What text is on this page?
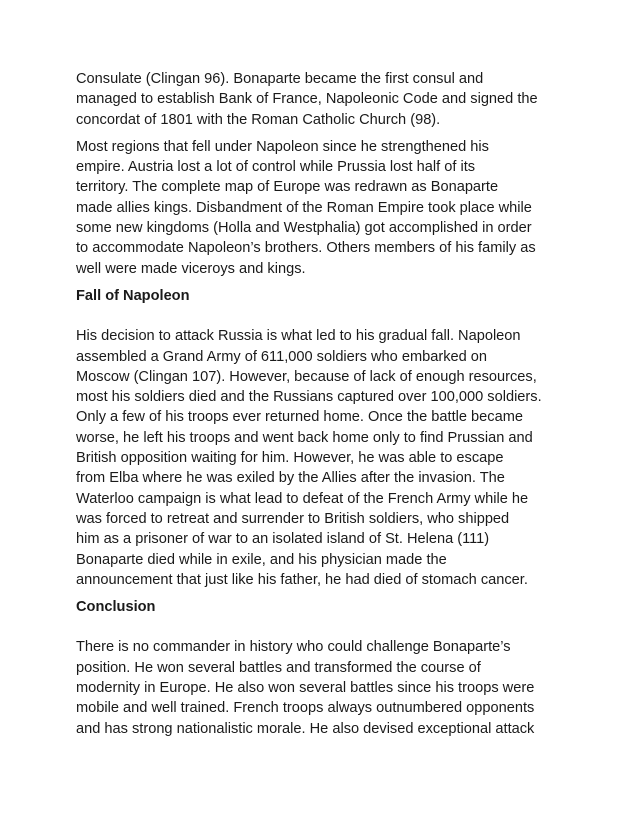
Consulate (Clingan 96). Bonaparte became the first consul and
managed to establish Bank of France, Napoleonic Code and signed the
concordat of 1801 with the Roman Catholic Church (98).

Most regions that fell under Napoleon since he strengthened his
empire. Austria lost a lot of control while Prussia lost half of its
territory. The complete map of Europe was redrawn as Bonaparte
made allies kings. Disbandment of the Roman Empire took place while
some new kingdoms (Holla and Westphalia) got accomplished in order
to accommodate Napoleon’s brothers. Others members of his family as
well were made viceroys and kings.

Fall of Napoleon

His decision to attack Russia is what led to his gradual fall. Napoleon
assembled a Grand Army of 611,000 soldiers who embarked on
Moscow (Clingan 107). However, because of lack of enough resources,
most his soldiers died and the Russians captured over 100,000 soldiers.
Only a few of his troops ever returned home. Once the battle became
worse, he left his troops and went back home only to find Prussian and
British opposition waiting for him. However, he was able to escape
from Elba where he was exiled by the Allies after the invasion. The
Waterloo campaign is what lead to defeat of the French Army while he
was forced to retreat and surrender to British soldiers, who shipped
him as a prisoner of war to an isolated island of St. Helena (111)
Bonaparte died while in exile, and his physician made the
announcement that just like his father, he had died of stomach cancer.

Conclusion

There is no commander in history who could challenge Bonaparte’s
position. He won several battles and transformed the course of
modernity in Europe. He also won several battles since his troops were
mobile and well trained. French troops always outnumbered opponents
and has strong nationalistic morale. He also devised exceptional attack
